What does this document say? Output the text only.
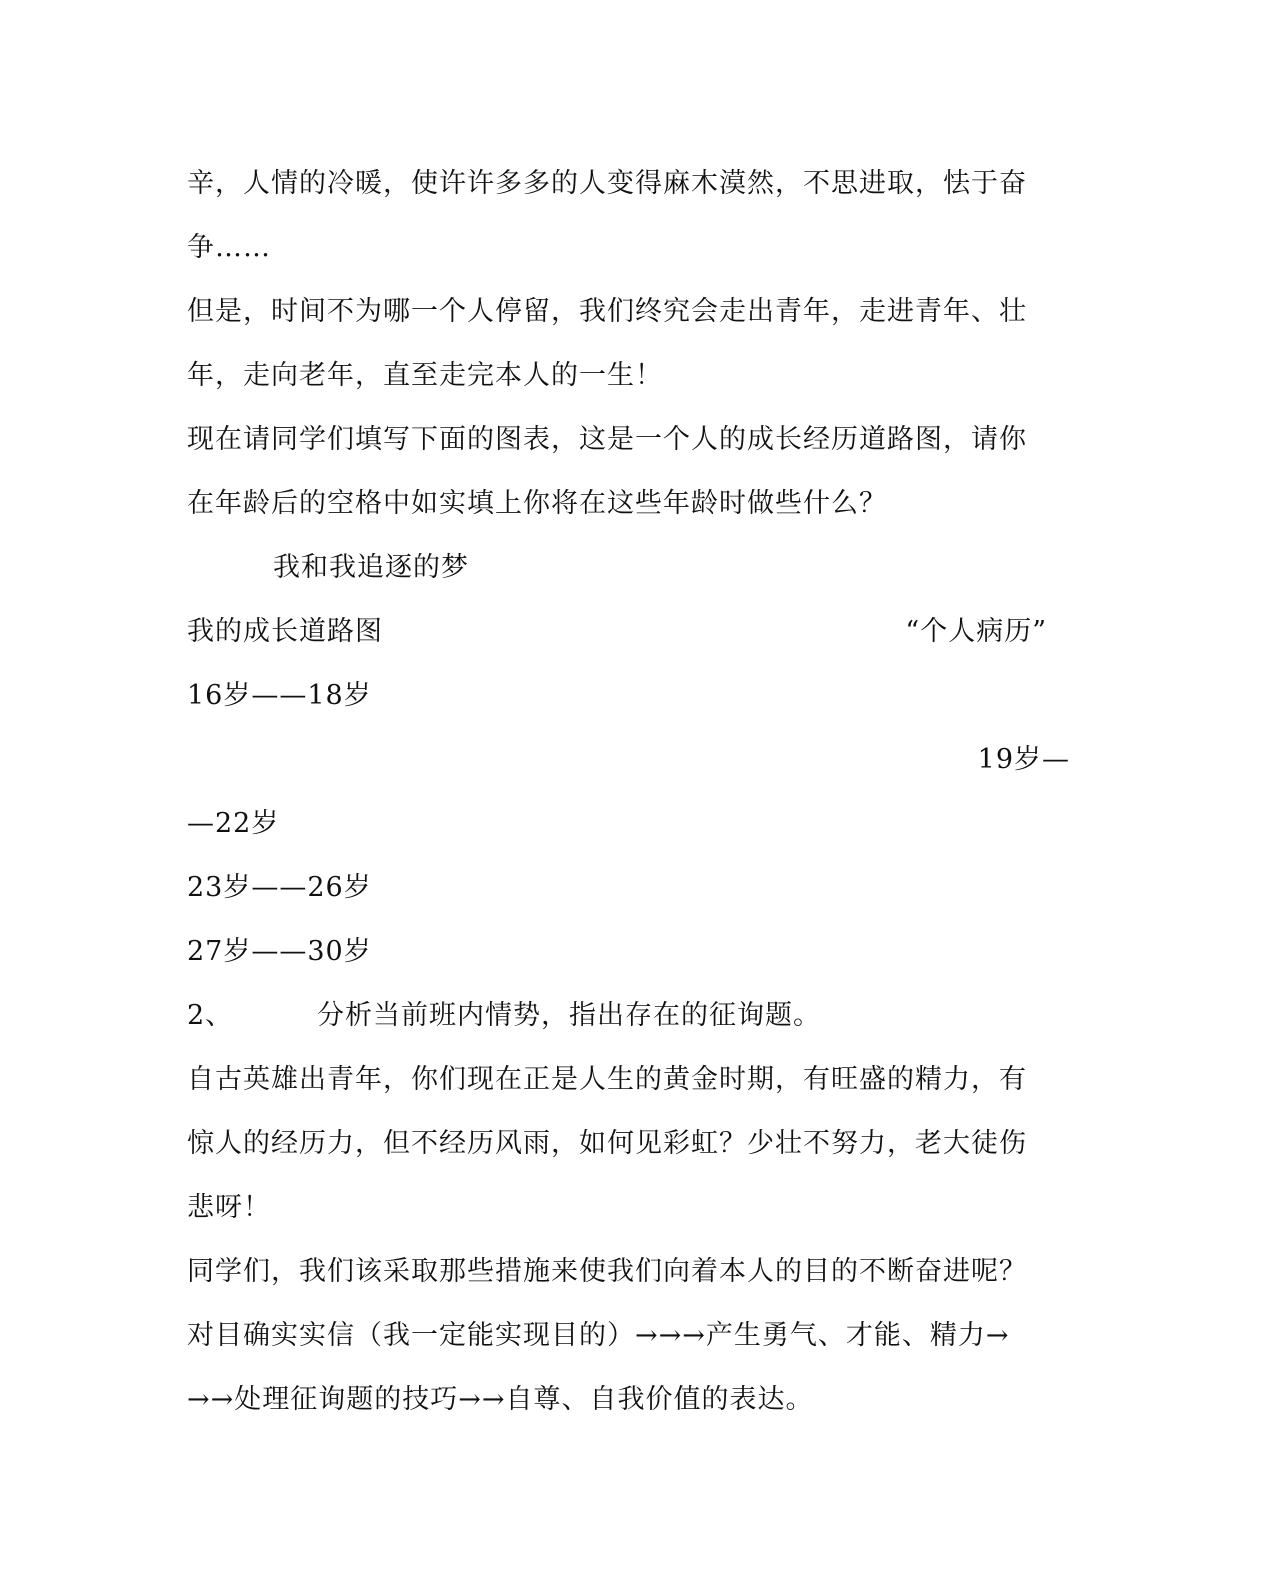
辛，人情的冷暖，使许许多多的人变得麻木漠然，不思进取，怯于奋
争……
但是，时间不为哪一个人停留，我们终究会走出青年，走进青年、壮
年，走向老年，直至走完本人的一生！
现在请同学们填写下面的图表，这是一个人的成长经历道路图，请你
在年龄后的空格中如实填上你将在这些年龄时做些什么？
我和我追逐的梦
我的成长道路图	“个人病历”
16岁——18岁
19岁—
—22岁
23岁——26岁
27岁——30岁
2、	分析当前班内情势，指出存在的征询题。
自古英雄出青年，你们现在正是人生的黄金时期，有旺盛的精力，有
惊人的经历力，但不经历风雨，如何见彩虹？少壮不努力，老大徒伤
悲呀！
同学们，我们该采取那些措施来使我们向着本人的目的不断奋进呢？
对目确实实信（我一定能实现目的）→→→产生勇气、才能、精力→
→→处理征询题的技巧→→自尊、自我价值的表达。
